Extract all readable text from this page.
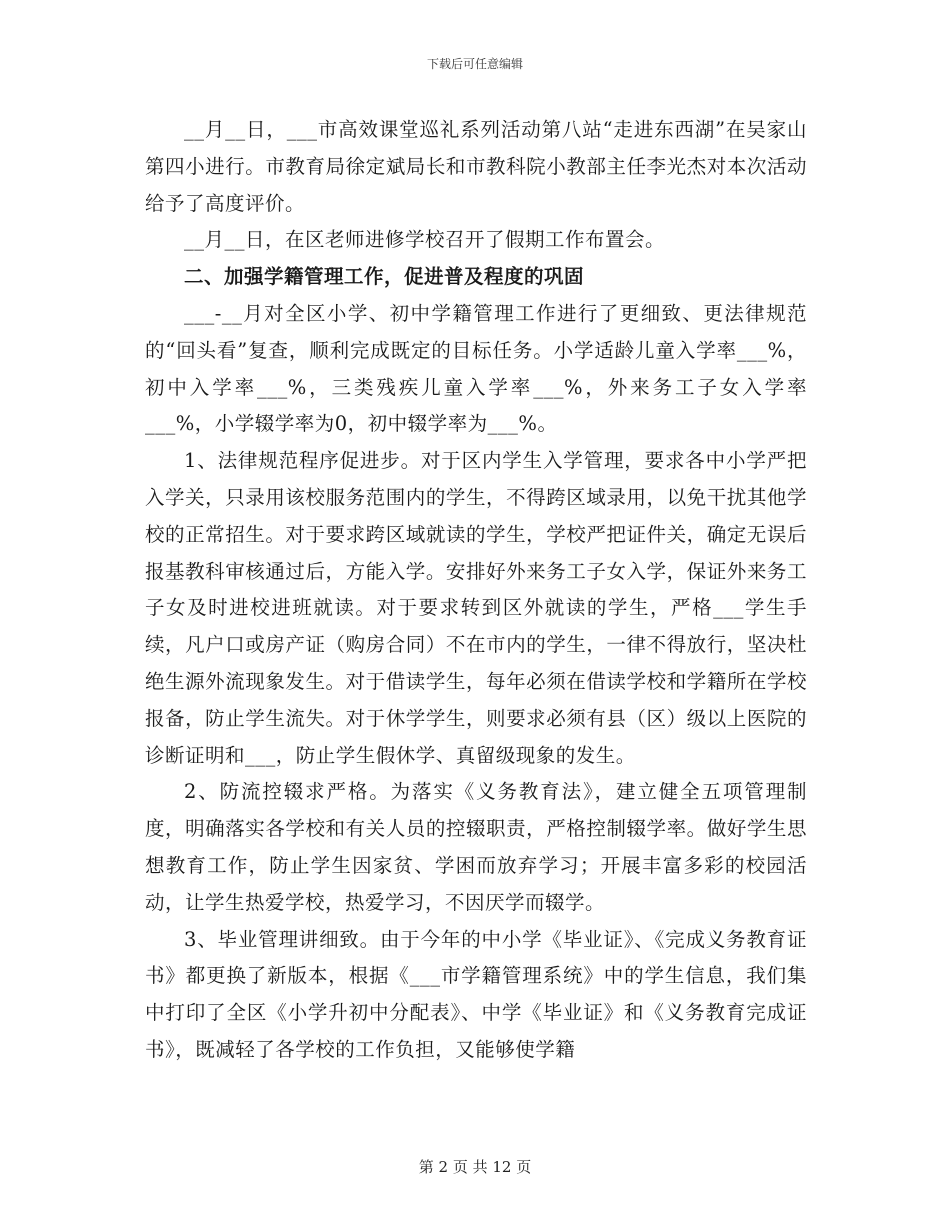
下载后可任意编辑

__月__日，___市高效课堂巡礼系列活动第八站“走进东西湖”在吴家山第四小进行。市教育局徐定斌局长和市教科院小教部主任李光杰对本次活动给予了高度评价。

__月__日，在区老师进修学校召开了假期工作布置会。

二、加强学籍管理工作，促进普及程度的巩固

___-__月对全区小学、初中学籍管理工作进行了更细致、更法律规范的“回头看”复查，顺利完成既定的目标任务。小学适龄儿童入学率___%，初中入学率___%，三类残疾儿童入学率___%，外来务工子女入学率___%，小学辍学率为0，初中辍学率为___%。

1、法律规范程序促进步。对于区内学生入学管理，要求各中小学严把入学关，只录用该校服务范围内的学生，不得跨区域录用，以免干扰其他学校的正常招生。对于要求跨区域就读的学生，学校严把证件关，确定无误后报基教科审核通过后，方能入学。安排好外来务工子女入学，保证外来务工子女及时进校进班就读。对于要求转到区外就读的学生，严格___学生手续，凡户口或房产证（购房合同）不在市内的学生，一律不得放行，坚决杜绝生源外流现象发生。对于借读学生，每年必须在借读学校和学籍所在学校报备，防止学生流失。对于休学学生，则要求必须有县（区）级以上医院的诊断证明和___，防止学生假休学、真留级现象的发生。

2、防流控辍求严格。为落实《义务教育法》，建立健全五项管理制度，明确落实各学校和有关人员的控辍职责，严格控制辍学率。做好学生思想教育工作，防止学生因家贫、学困而放弃学习；开展丰富多彩的校园活动，让学生热爱学校，热爱学习，不因厌学而辍学。

3、毕业管理讲细致。由于今年的中小学《毕业证》、《完成义务教育证书》都更换了新版本，根据《___市学籍管理系统》中的学生信息，我们集中打印了全区《小学升初中分配表》、中学《毕业证》和《义务教育完成证书》，既减轻了各学校的工作负担，又能够使学籍

第 2 页 共 12 页
